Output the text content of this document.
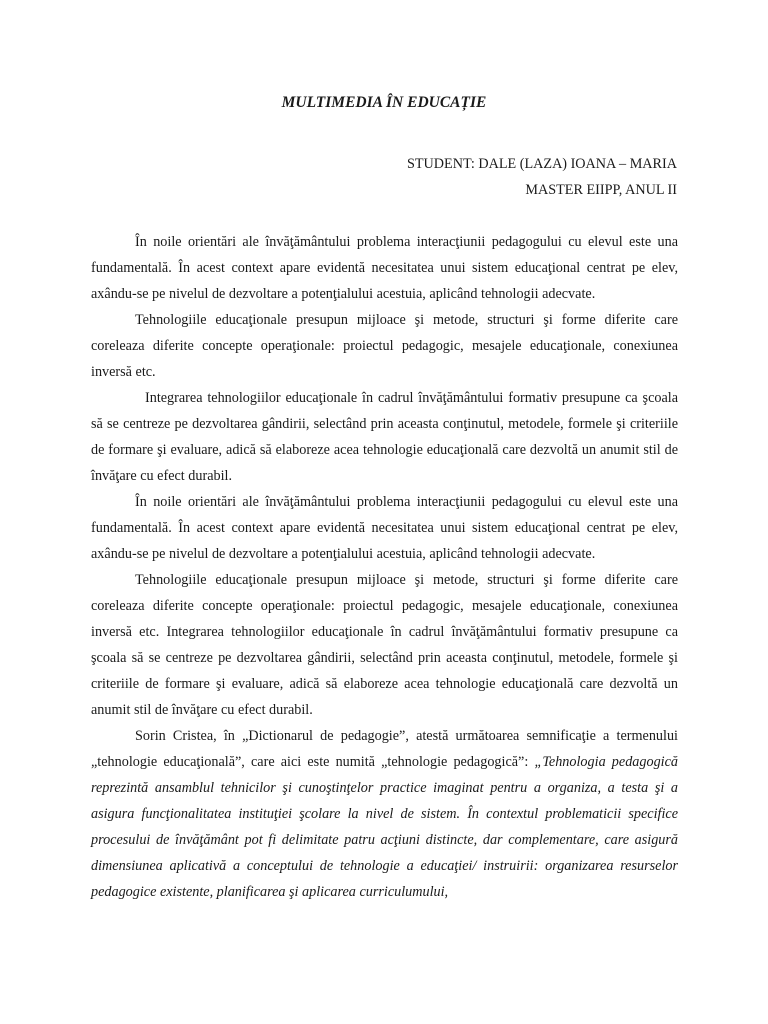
MULTIMEDIA ÎN EDUCAȚIE
STUDENT: DALE (LAZA) IOANA – MARIA
MASTER EIIPP, ANUL II

În noile orientări ale învăţământului problema interacţiunii pedagogului cu elevul este una fundamentală. În acest context apare evidentă necesitatea unui sistem educaţional centrat pe elev, axându-se pe nivelul de dezvoltare a potenţialului acestuia, aplicând tehnologii adecvate.

Tehnologiile educaţionale presupun mijloace şi metode, structuri şi forme diferite care coreleaza diferite concepte operaţionale: proiectul pedagogic, mesajele educaţionale, conexiunea inversă etc.

Integrarea tehnologiilor educaţionale în cadrul învăţământului formativ presupune ca şcoala să se centreze pe dezvoltarea gândirii, selectând prin aceasta conţinutul, metodele, formele şi criteriile de formare şi evaluare, adică să elaboreze acea tehnologie educaţională care dezvoltă un anumit stil de învăţare cu efect durabil.

În noile orientări ale învăţământului problema interacţiunii pedagogului cu elevul este una fundamentală. În acest context apare evidentă necesitatea unui sistem educaţional centrat pe elev, axându-se pe nivelul de dezvoltare a potenţialului acestuia, aplicând tehnologii adecvate.

Tehnologiile educaţionale presupun mijloace şi metode, structuri şi forme diferite care coreleaza diferite concepte operaţionale: proiectul pedagogic, mesajele educaţionale, conexiunea inversă etc. Integrarea tehnologiilor educaţionale în cadrul învăţământului formativ presupune ca şcoala să se centreze pe dezvoltarea gândirii, selectând prin aceasta conţinutul, metodele, formele şi criteriile de formare şi evaluare, adică să elaboreze acea tehnologie educaţională care dezvoltă un anumit stil de învăţare cu efect durabil.

Sorin Cristea, în „Dictionarul de pedagogie”, atestă următoarea semnificaţie a termenului „tehnologie educaţională”, care aici este numită „tehnologie pedagogică”: „Tehnologia pedagogică reprezintă ansamblul tehnicilor şi cunoştinţelor practice imaginat pentru a organiza, a testa şi a asigura funcţionalitatea instituţiei şcolare la nivel de sistem. În contextul problematicii specifice procesului de învăţământ pot fi delimitate patru acţiuni distincte, dar complementare, care asigură dimensiunea aplicativă a conceptului de tehnologie a educaţiei/ instruirii: organizarea resurselor pedagogice existente, planificarea şi aplicarea curriculumului,
